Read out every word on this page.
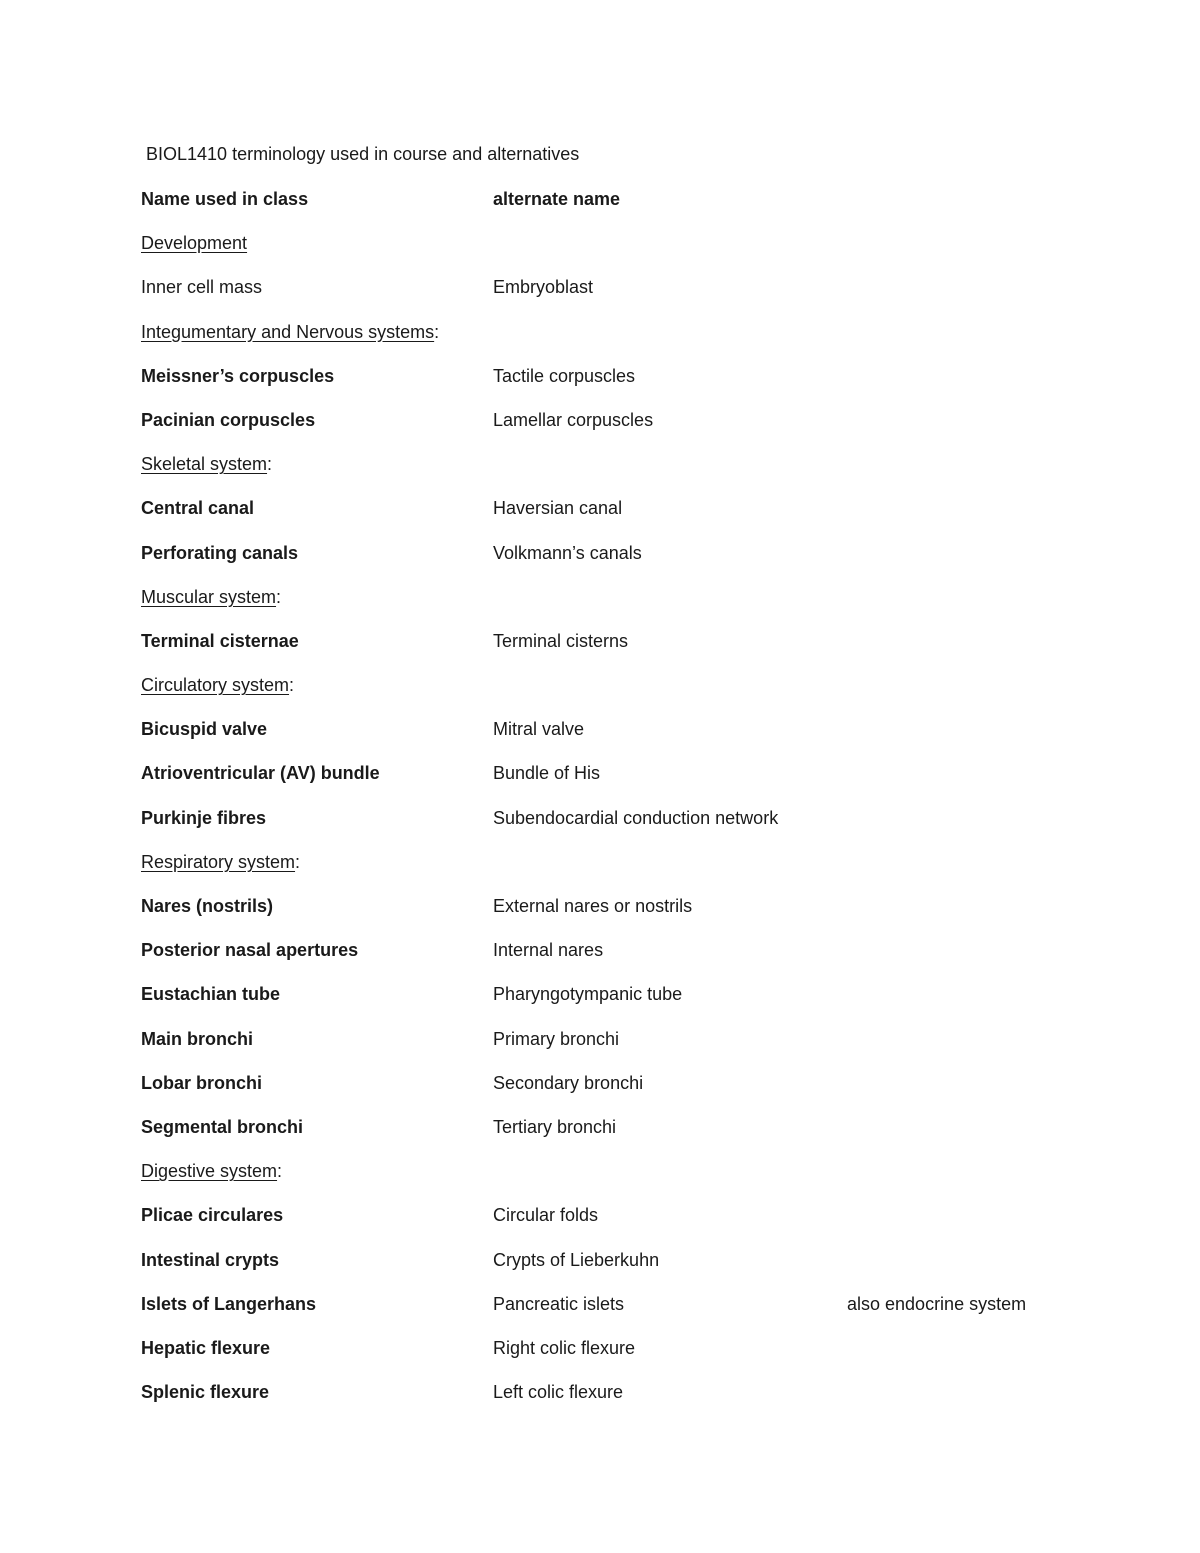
BIOL1410 terminology used in course and alternatives
Name used in class	alternate name
Development
Inner cell mass	Embryoblast
Integumentary and Nervous systems:
Meissner’s corpuscles	Tactile corpuscles
Pacinian corpuscles	Lamellar corpuscles
Skeletal system:
Central canal	Haversian canal
Perforating canals	Volkmann’s canals
Muscular system:
Terminal cisternae	Terminal cisterns
Circulatory system:
Bicuspid valve	Mitral valve
Atrioventricular (AV) bundle	Bundle of His
Purkinje fibres	Subendocardial conduction network
Respiratory system:
Nares (nostrils)	External nares or nostrils
Posterior nasal apertures	Internal nares
Eustachian tube	Pharyngotympanic tube
Main bronchi	Primary bronchi
Lobar bronchi	Secondary bronchi
Segmental bronchi	Tertiary bronchi
Digestive system:
Plicae circulares	Circular folds
Intestinal crypts	Crypts of Lieberkuhn
Islets of Langerhans	Pancreatic islets	also endocrine system
Hepatic flexure	Right colic flexure
Splenic flexure	Left colic flexure
